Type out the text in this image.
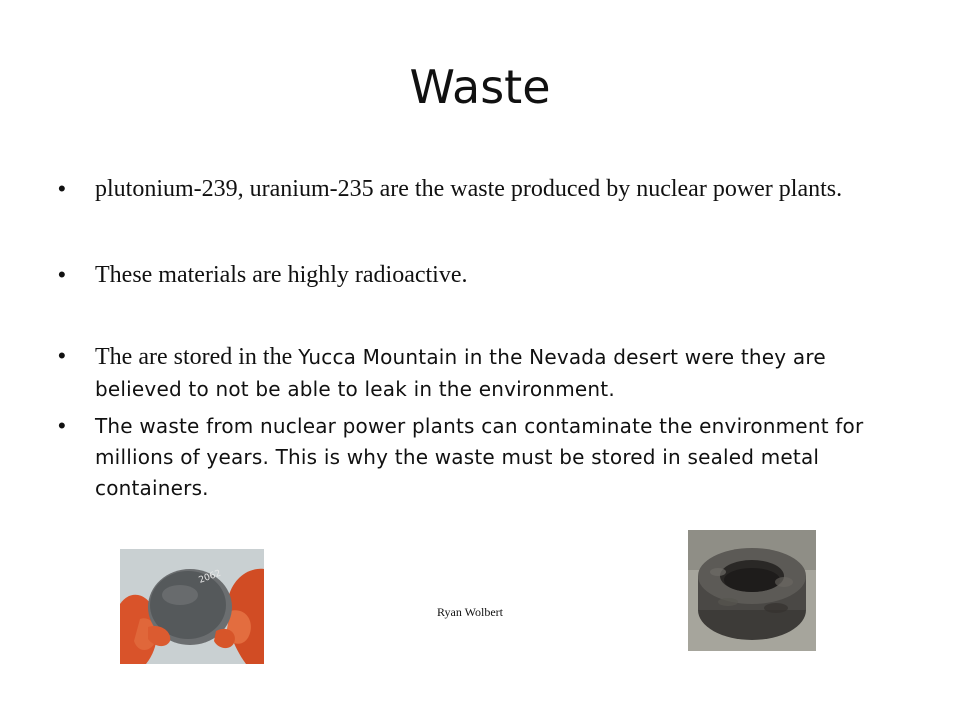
Waste
• plutonium-239, uranium-235 are the waste produced by nuclear power plants.
• These materials are highly radioactive.
• The are stored in the Yucca Mountain in the Nevada desert were they are believed to not be able to leak in the environment.
• The waste from nuclear power plants can contaminate the environment for millions of years. This is why the waste must be stored in sealed metal containers.
2062
Ryan Wolbert
